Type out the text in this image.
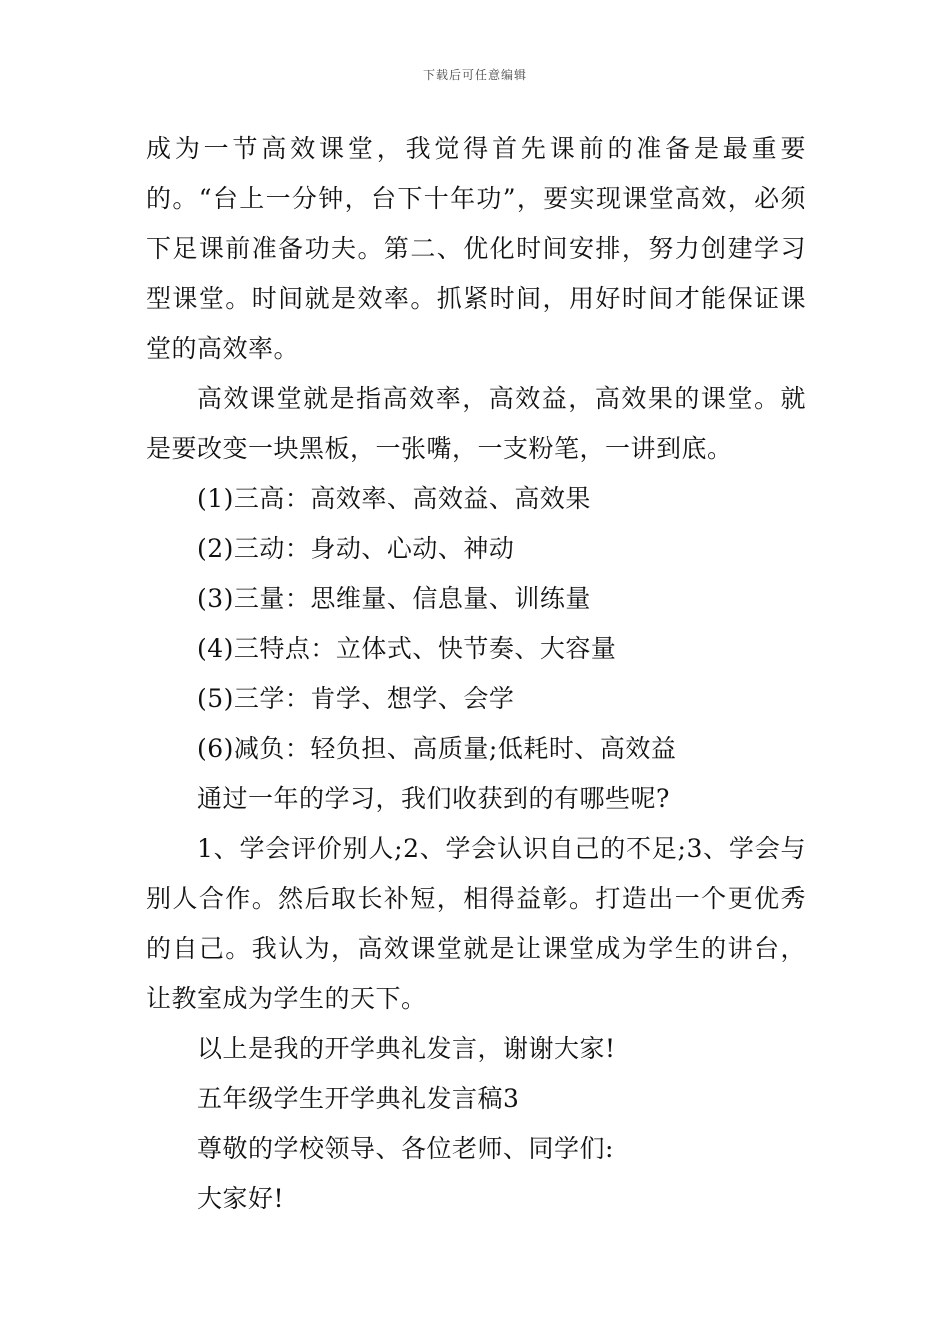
下载后可任意编辑

成为一节高效课堂，我觉得首先课前的准备是最重要的。“台上一分钟，台下十年功”，要实现课堂高效，必须下足课前准备功夫。第二、优化时间安排，努力创建学习型课堂。时间就是效率。抓紧时间，用好时间才能保证课堂的高效率。

高效课堂就是指高效率，高效益，高效果的课堂。就是要改变一块黑板，一张嘴，一支粉笔，一讲到底。

(1)三高：高效率、高效益、高效果

(2)三动：身动、心动、神动

(3)三量：思维量、信息量、训练量

(4)三特点：立体式、快节奏、大容量

(5)三学：肯学、想学、会学

(6)减负：轻负担、高质量;低耗时、高效益

通过一年的学习，我们收获到的有哪些呢?

1、学会评价别人;2、学会认识自己的不足;3、学会与别人合作。然后取长补短，相得益彰。打造出一个更优秀的自己。我认为，高效课堂就是让课堂成为学生的讲台，让教室成为学生的天下。

以上是我的开学典礼发言，谢谢大家!

五年级学生开学典礼发言稿3

尊敬的学校领导、各位老师、同学们:

大家好!
